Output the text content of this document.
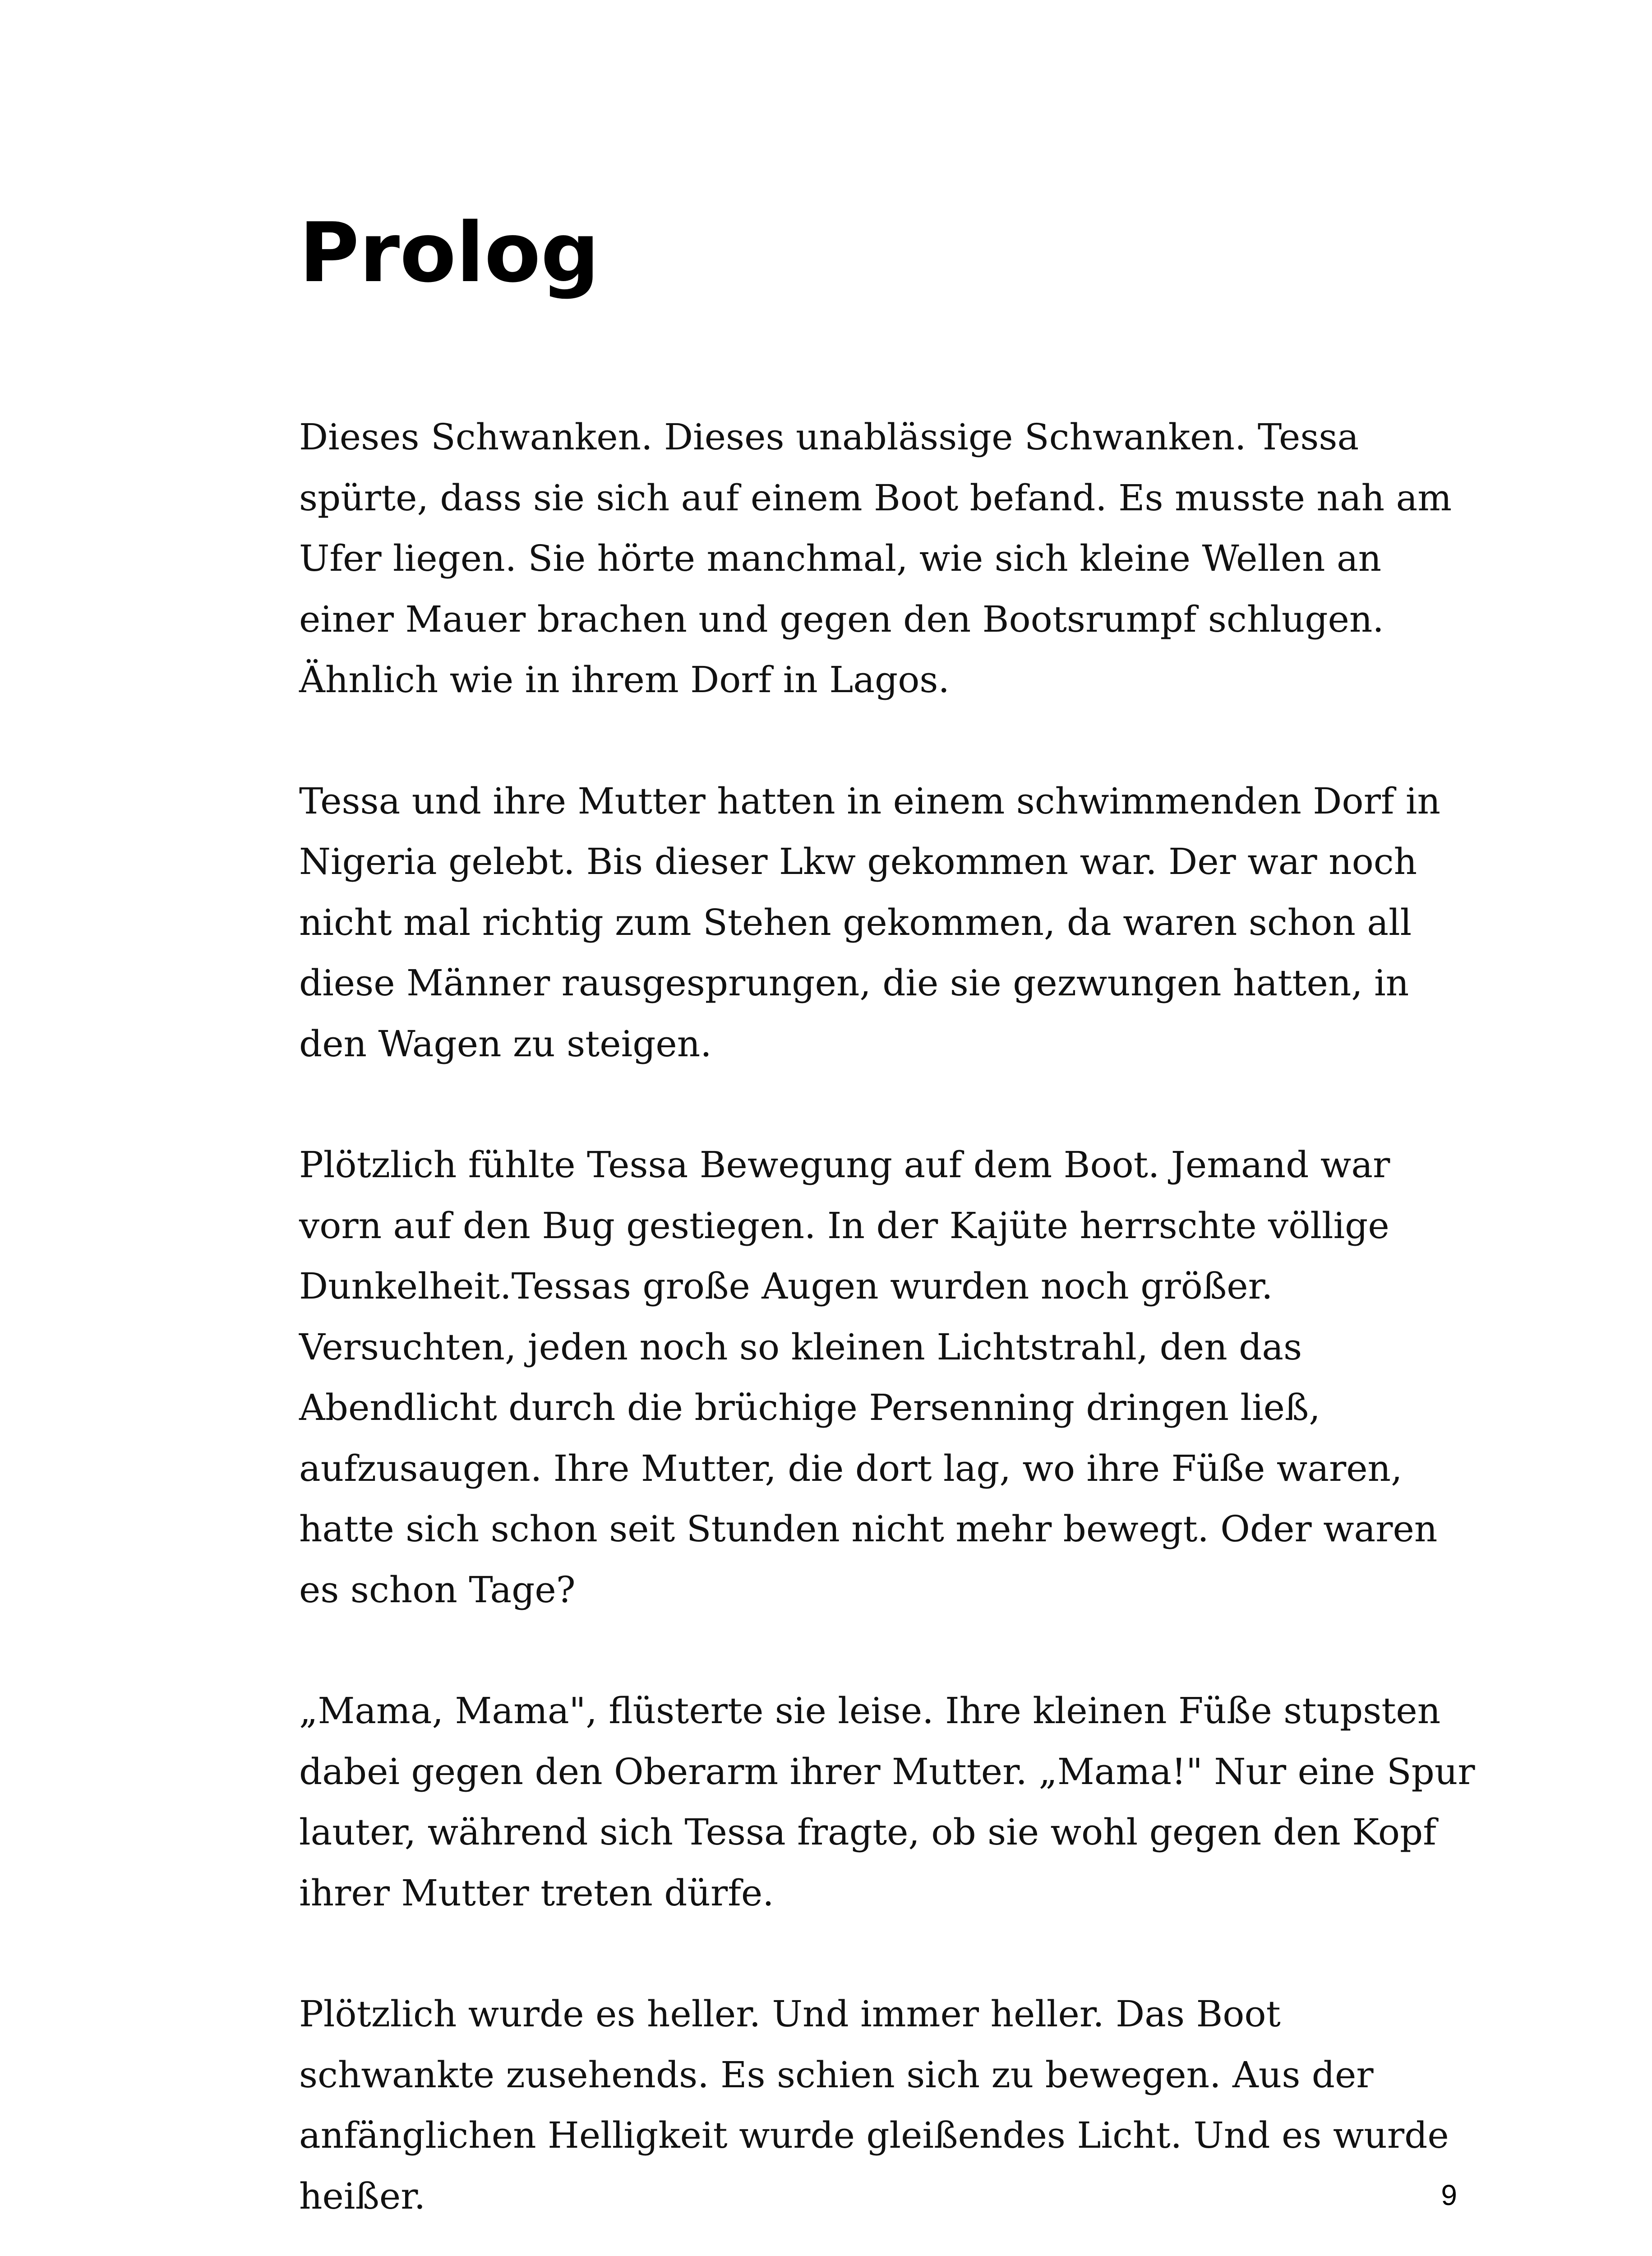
Prolog

Dieses Schwanken. Dieses unablässige Schwanken. Tessa spürte, dass sie sich auf einem Boot befand. Es musste nah am Ufer liegen. Sie hörte manchmal, wie sich kleine Wellen an einer Mauer brachen und gegen den Bootsrumpf schlugen. Ähnlich wie in ihrem Dorf in Lagos.

Tessa und ihre Mutter hatten in einem schwimmenden Dorf in Nigeria gelebt. Bis dieser Lkw gekommen war. Der war noch nicht mal richtig zum Stehen gekommen, da waren schon all diese Männer rausgesprungen, die sie gezwungen hatten, in den Wagen zu steigen.

Plötzlich fühlte Tessa Bewegung auf dem Boot. Jemand war vorn auf den Bug gestiegen. In der Kajüte herrschte völlige Dunkelheit.Tessas große Augen wurden noch größer. Versuchten, jeden noch so kleinen Lichtstrahl, den das Abendlicht durch die brüchige Persenning dringen ließ, aufzusaugen. Ihre Mutter, die dort lag, wo ihre Füße waren, hatte sich schon seit Stunden nicht mehr bewegt. Oder waren es schon Tage?

„Mama, Mama", flüsterte sie leise. Ihre kleinen Füße stupsten dabei gegen den Oberarm ihrer Mutter. „Mama!" Nur eine Spur lauter, während sich Tessa fragte, ob sie wohl gegen den Kopf ihrer Mutter treten dürfe.

Plötzlich wurde es heller. Und immer heller. Das Boot schwankte zusehends. Es schien sich zu bewegen. Aus der anfänglichen Helligkeit wurde gleißendes Licht. Und es wurde heißer.	9
